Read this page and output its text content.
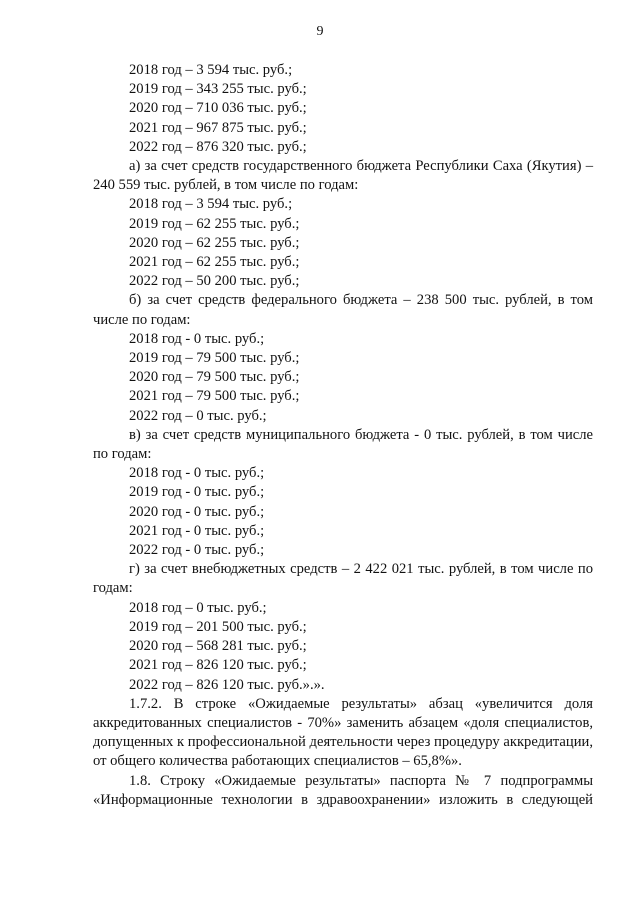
9
2018 год – 3 594 тыс. руб.;
2019 год – 343 255 тыс. руб.;
2020 год – 710 036 тыс. руб.;
2021 год – 967 875 тыс. руб.;
2022 год – 876 320 тыс. руб.;
а) за счет средств государственного бюджета Республики Саха (Якутия) – 240 559 тыс. рублей, в том числе по годам:
2018 год – 3 594 тыс. руб.;
2019 год – 62 255 тыс. руб.;
2020 год – 62 255 тыс. руб.;
2021 год – 62 255 тыс. руб.;
2022 год – 50 200 тыс. руб.;
б) за счет средств федерального бюджета – 238 500 тыс. рублей, в том числе по годам:
2018 год - 0 тыс. руб.;
2019 год – 79 500 тыс. руб.;
2020 год – 79 500 тыс. руб.;
2021 год – 79 500 тыс. руб.;
2022 год – 0 тыс. руб.;
в) за счет средств муниципального бюджета - 0 тыс. рублей, в том числе по годам:
2018 год - 0 тыс. руб.;
2019 год - 0 тыс. руб.;
2020 год - 0 тыс. руб.;
2021 год - 0 тыс. руб.;
2022 год - 0 тыс. руб.;
г) за счет внебюджетных средств – 2 422 021 тыс. рублей, в том числе по годам:
2018 год – 0 тыс. руб.;
2019 год – 201 500 тыс. руб.;
2020 год – 568 281 тыс. руб.;
2021 год – 826 120 тыс. руб.;
2022 год – 826 120 тыс. руб.».».
1.7.2. В строке «Ожидаемые результаты» абзац «увеличится доля аккредитованных специалистов - 70%» заменить абзацем «доля специалистов, допущенных к профессиональной деятельности через процедуру аккредитации, от общего количества работающих специалистов – 65,8%».
1.8. Строку «Ожидаемые результаты» паспорта № 7 подпрограммы «Информационные технологии в здравоохранении» изложить в следующей
